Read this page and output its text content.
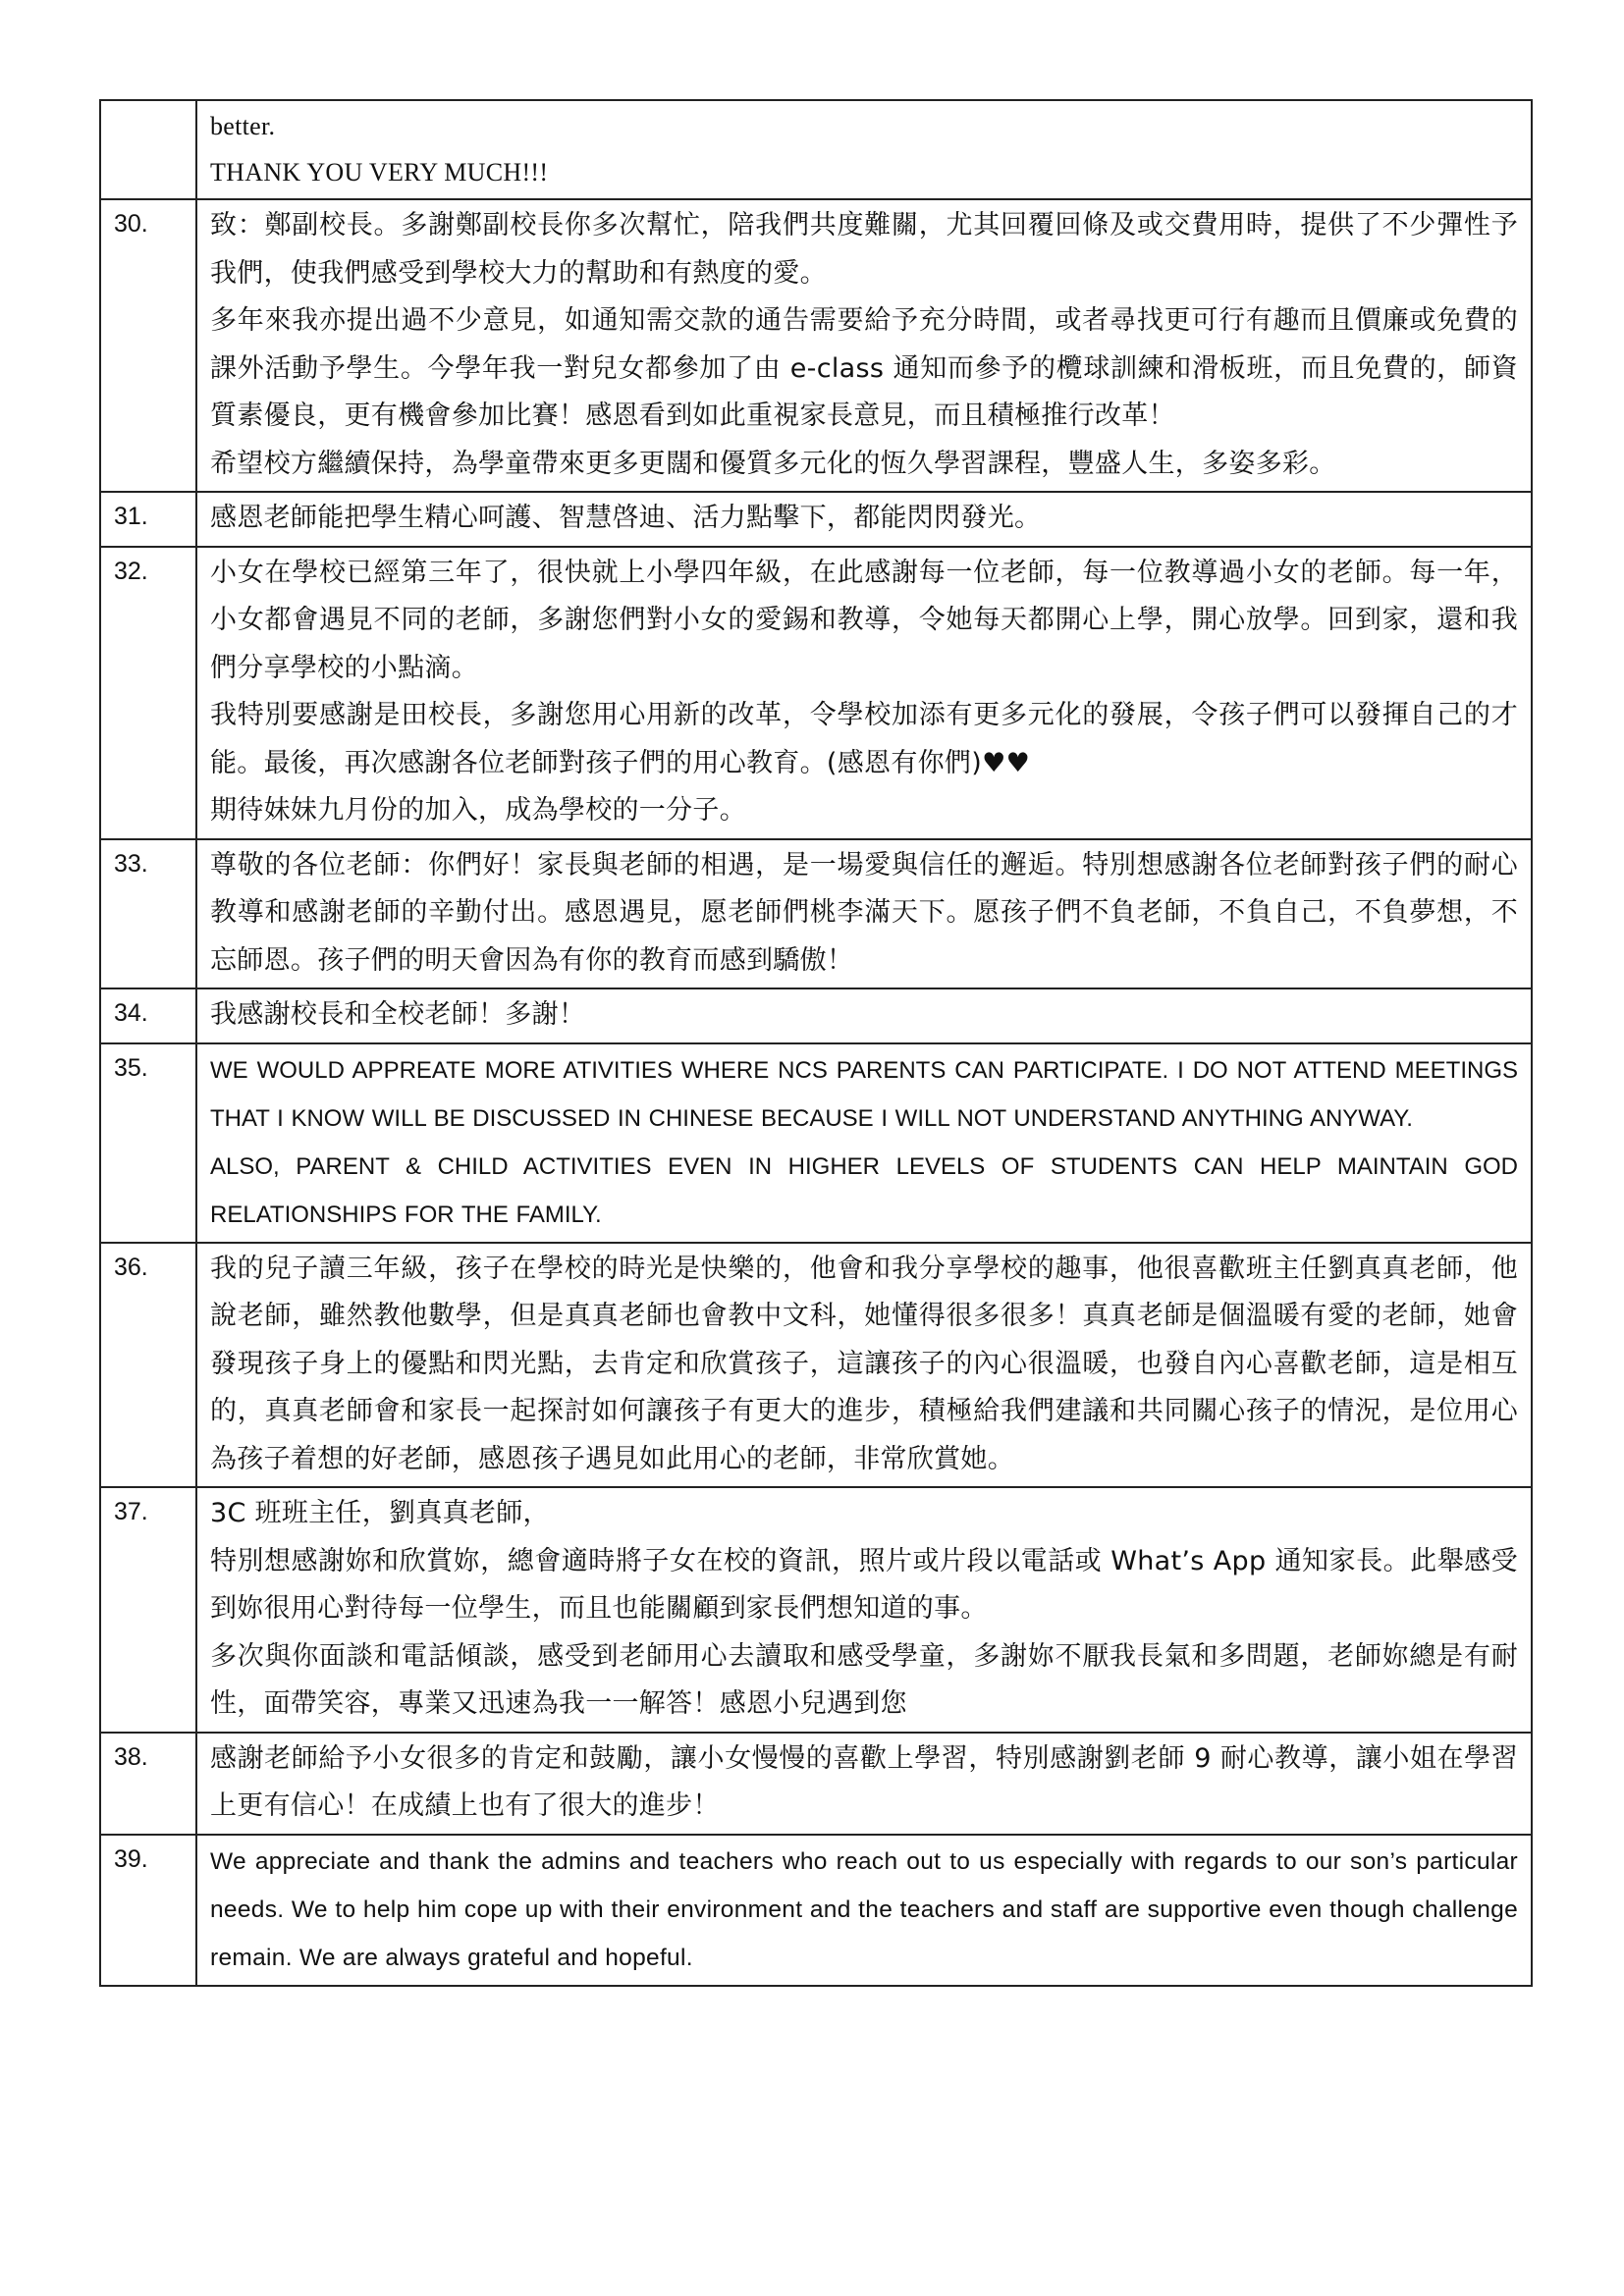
	better.

THANK YOU VERY MUCH!!!

30.	致：鄭副校長。多謝鄭副校長你多次幫忙，陪我們共度難關，尤其回覆回條及或交費用時，提供了不少彈性予我們，使我們感受到學校大力的幫助和有熱度的愛。

多年來我亦提出過不少意見，如通知需交款的通告需要給予充分時間，或者尋找更可行有趣而且價廉或免費的課外活動予學生。今學年我一對兒女都參加了由 e-class 通知而參予的欖球訓練和滑板班，而且免費的，師資質素優良，更有機會參加比賽！感恩看到如此重視家長意見，而且積極推行改革！

希望校方繼續保持，為學童帶來更多更闊和優質多元化的恆久學習課程，豐盛人生，多姿多彩。

31.	感恩老師能把學生精心呵護、智慧啓迪、活力點擊下，都能閃閃發光。

32.	小女在學校已經第三年了，很快就上小學四年級，在此感謝每一位老師，每一位教導過小女的老師。每一年，小女都會遇見不同的老師，多謝您們對小女的愛錫和教導，令她每天都開心上學，開心放學。回到家，還和我們分享學校的小點滴。

我特別要感謝是田校長，多謝您用心用新的改革，令學校加添有更多元化的發展，令孩子們可以發揮自己的才能。最後，再次感謝各位老師對孩子們的用心教育。(感恩有你們)♥♥

期待妹妹九月份的加入，成為學校的一分子。

33.	尊敬的各位老師：你們好！家長與老師的相遇，是一場愛與信任的邂逅。特別想感謝各位老師對孩子們的耐心教導和感謝老師的辛勤付出。感恩遇見，愿老師們桃李滿天下。愿孩子們不負老師，不負自己，不負夢想，不忘師恩。孩子們的明天會因為有你的教育而感到驕傲！

34.	我感謝校長和全校老師！多謝！

35.	WE WOULD APPREATE MORE ATIVITIES WHERE NCS PARENTS CAN PARTICIPATE. I DO NOT ATTEND MEETINGS THAT I KNOW WILL BE DISCUSSED IN CHINESE BECAUSE I WILL NOT UNDERSTAND ANYTHING ANYWAY.

ALSO, PARENT & CHILD ACTIVITIES EVEN IN HIGHER LEVELS OF STUDENTS CAN HELP MAINTAIN GOD RELATIONSHIPS FOR THE FAMILY.

36.	我的兒子讀三年級，孩子在學校的時光是快樂的，他會和我分享學校的趣事，他很喜歡班主任劉真真老師，他說老師，雖然教他數學，但是真真老師也會教中文科，她懂得很多很多！真真老師是個溫暖有愛的老師，她會發現孩子身上的優點和閃光點，去肯定和欣賞孩子，這讓孩子的內心很溫暖，也發自內心喜歡老師，這是相互的，真真老師會和家長一起探討如何讓孩子有更大的進步，積極給我們建議和共同關心孩子的情況，是位用心為孩子着想的好老師，感恩孩子遇見如此用心的老師，非常欣賞她。

37.	3C 班班主任，劉真真老師，

特別想感謝妳和欣賞妳，總會適時將子女在校的資訊，照片或片段以電話或 What’s App 通知家長。此舉感受到妳很用心對待每一位學生，而且也能關顧到家長們想知道的事。

多次與你面談和電話傾談，感受到老師用心去讀取和感受學童，多謝妳不厭我長氣和多問題，老師妳總是有耐性，面帶笑容，專業又迅速為我一一解答！感恩小兒遇到您

38.	感謝老師給予小女很多的肯定和鼓勵，讓小女慢慢的喜歡上學習，特別感謝劉老師 9 耐心教導，讓小姐在學習上更有信心！在成績上也有了很大的進步！

39.	We appreciate and thank the admins and teachers who reach out to us especially with regards to our son’s particular needs. We to help him cope up with their environment and the teachers and staff are supportive even though challenge remain. We are always grateful and hopeful.
